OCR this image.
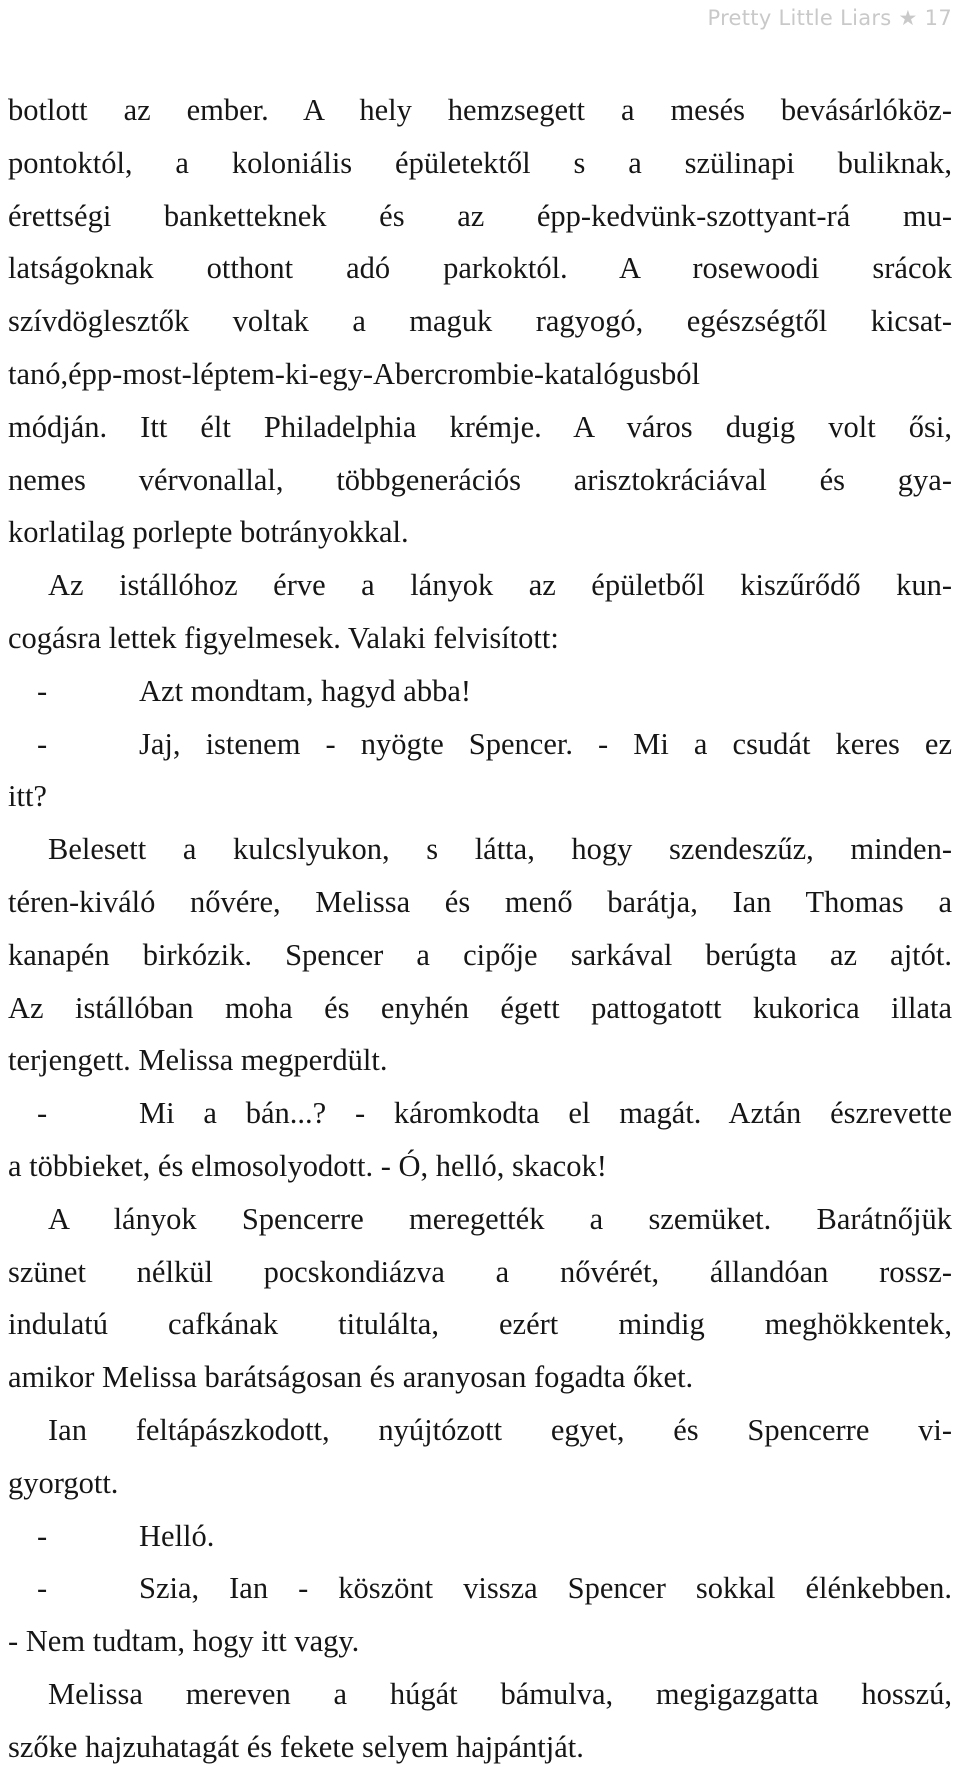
Pretty Little Liars ★ 17
botlott az ember. A hely hemzsegett a mesés bevásárlóköz-
pontoktól, a koloniális épületektől s a szülinapi buliknak,
érettségi banketteknek és az épp-kedvünk-szottyant-rá mu-
latságoknak otthont adó parkoktól. A rosewoodi srácok
szívdöglesztők voltak a maguk ragyogó, egészségtől kicsat-
tanó,épp-most-léptem-ki-egy-Abercrombie-katalógusból
módján. Itt élt Philadelphia krémje. A város dugig volt ősi,
nemes vérvonallal, többgenerációs arisztokráciával és gya-
korlatilag porlepte botrányokkal.
Az istállóhoz érve a lányok az épületből kiszűrődő kun-
cogásra lettek figyelmesek. Valaki felvisított:
-	Azt mondtam, hagyd abba!
-	Jaj, istenem - nyögte Spencer. - Mi a csudát keres ez
itt?
Belesett a kulcslyukon, s látta, hogy szendeszűz, minden-
téren-kiváló nővére, Melissa és menő barátja, Ian Thomas a
kanapén birkózik. Spencer a cipője sarkával berúgta az ajtót.
Az istállóban moha és enyhén égett pattogatott kukorica illata
terjengett. Melissa megperdült.
-	Mi a bán...? - káromkodta el magát. Aztán észrevette
a többieket, és elmosolyodott. - Ó, helló, skacok!
A lányok Spencerre meregették a szemüket. Barátnőjük
szünet nélkül pocskondiázva a nővérét, állandóan rossz-
indulatú cafkának titulálta, ezért mindig meghökkentek,
amikor Melissa barátságosan és aranyosan fogadta őket.
Ian feltápászkodott, nyújtózott egyet, és Spencerre vi-
gyorgott.
-	Helló.
-	Szia, Ian - köszönt vissza Spencer sokkal élénkebben.
- Nem tudtam, hogy itt vagy.
Melissa mereven a húgát bámulva, megigazgatta hosszú,
szőke hajzuhatagát és fekete selyem hajpántját.
